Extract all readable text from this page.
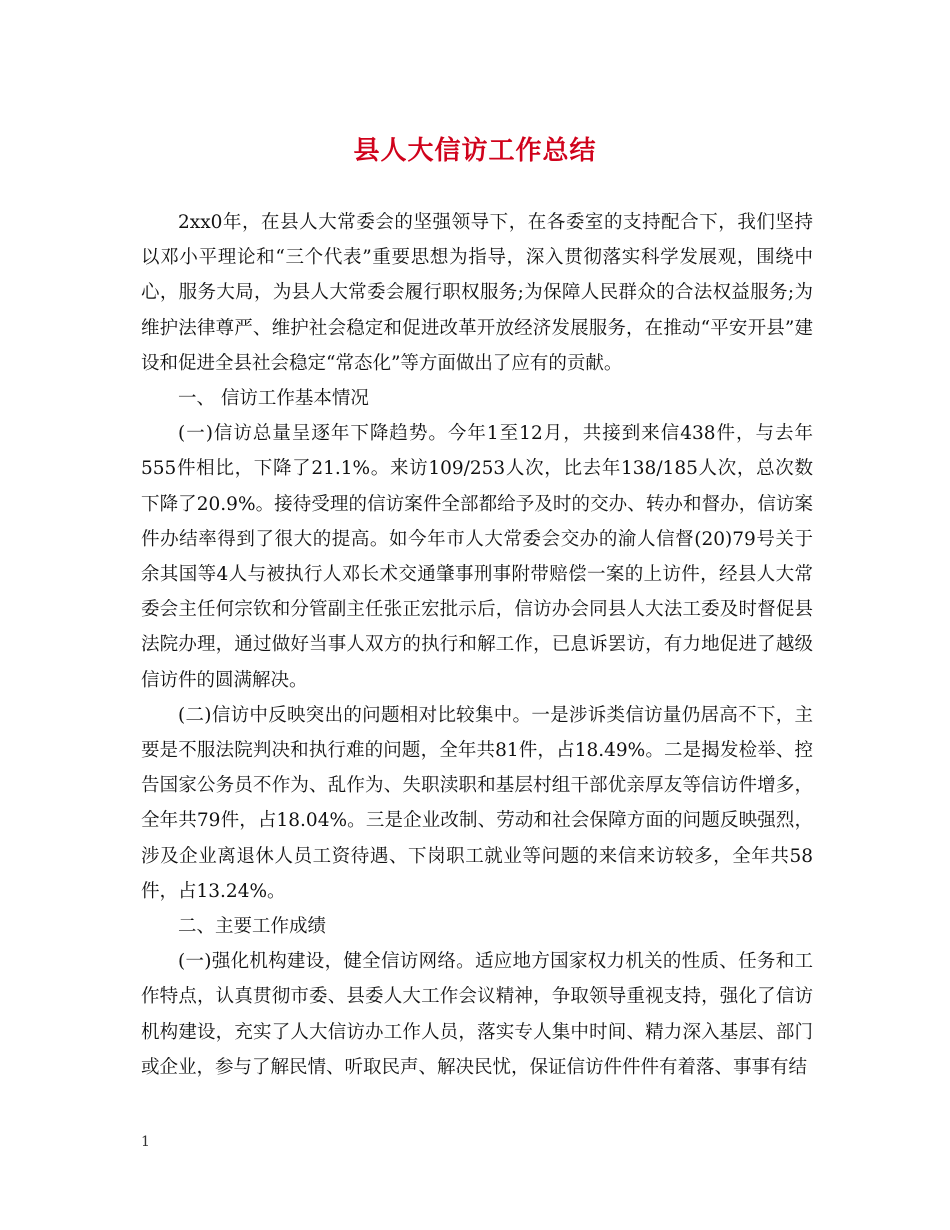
县人大信访工作总结

2xx0年，在县人大常委会的坚强领导下，在各委室的支持配合下，我们坚持以邓小平理论和“三个代表”重要思想为指导，深入贯彻落实科学发展观，围绕中心，服务大局，为县人大常委会履行职权服务;为保障人民群众的合法权益服务;为维护法律尊严、维护社会稳定和促进改革开放经济发展服务，在推动“平安开县”建设和促进全县社会稳定“常态化”等方面做出了应有的贡献。

一、 信访工作基本情况

(一)信访总量呈逐年下降趋势。今年1至12月，共接到来信438件，与去年555件相比，下降了21.1%。来访109/253人次，比去年138/185人次，总次数下降了20.9%。接待受理的信访案件全部都给予及时的交办、转办和督办，信访案件办结率得到了很大的提高。如今年市人大常委会交办的渝人信督(20)79号关于余其国等4人与被执行人邓长术交通肇事刑事附带赔偿一案的上访件，经县人大常委会主任何宗钦和分管副主任张正宏批示后，信访办会同县人大法工委及时督促县法院办理，通过做好当事人双方的执行和解工作，已息诉罢访，有力地促进了越级信访件的圆满解决。

(二)信访中反映突出的问题相对比较集中。一是涉诉类信访量仍居高不下，主要是不服法院判决和执行难的问题，全年共81件，占18.49%。二是揭发检举、控告国家公务员不作为、乱作为、失职渎职和基层村组干部优亲厚友等信访件增多，全年共79件，占18.04%。三是企业改制、劳动和社会保障方面的问题反映强烈，涉及企业离退休人员工资待遇、下岗职工就业等问题的来信来访较多，全年共58件，占13.24%。

二、主要工作成绩

(一)强化机构建设，健全信访网络。适应地方国家权力机关的性质、任务和工作特点，认真贯彻市委、县委人大工作会议精神，争取领导重视支持，强化了信访机构建设，充实了人大信访办工作人员，落实专人集中时间、精力深入基层、部门或企业，参与了解民情、听取民声、解决民忧，保证信访件件件有着落、事事有结

1
